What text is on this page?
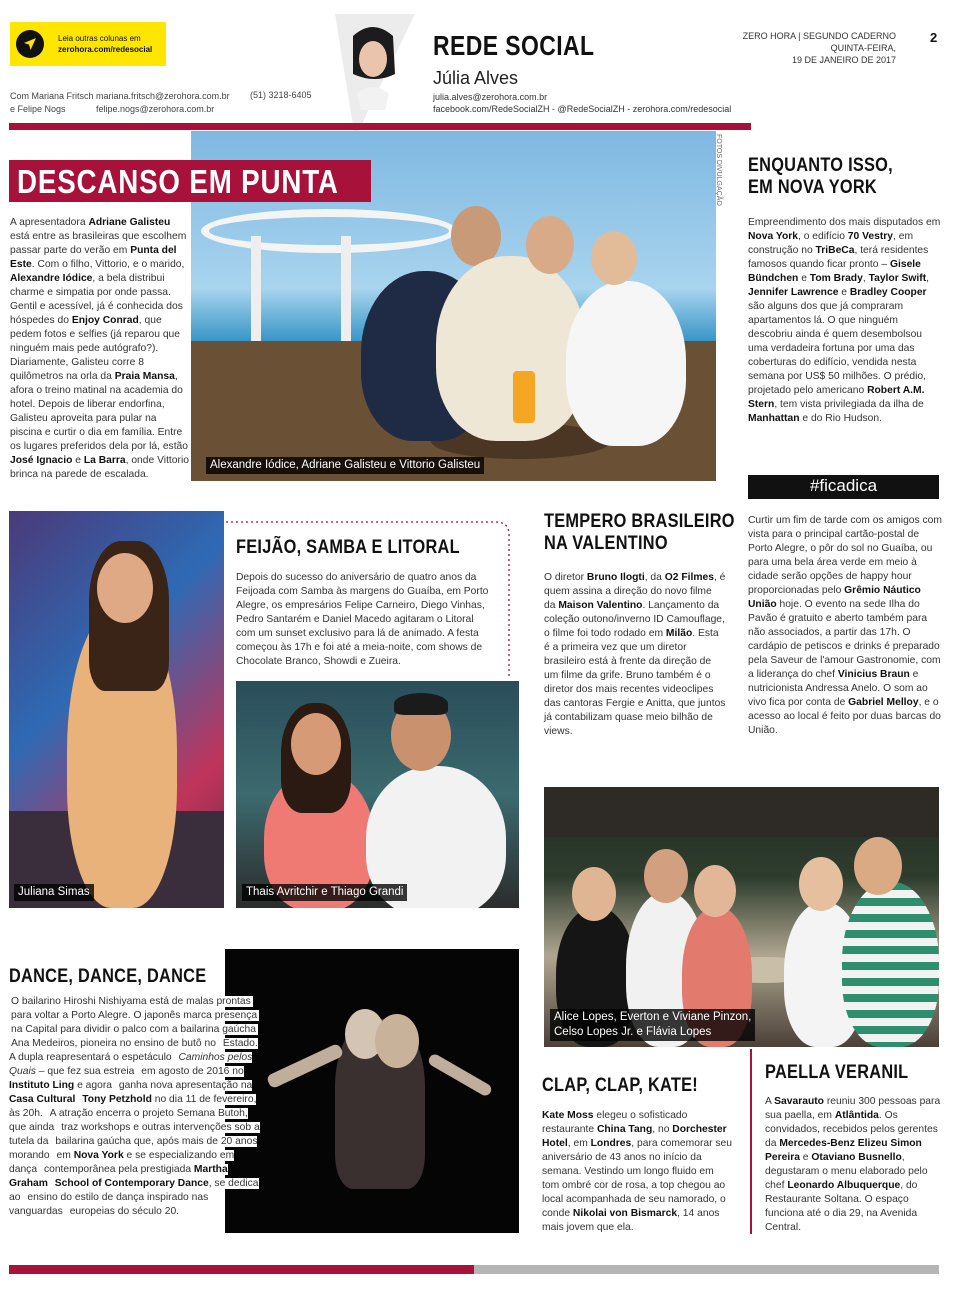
Leia outras colunas em
zerohora.com/redesocial
Com Mariana Fritsch
e Felipe Nogs
mariana.fritsch@zerohora.com.br
felipe.nogs@zerohora.com.br
(51) 3218-6405
REDE SOCIAL
Júlia Alves
julia.alves@zerohora.com.br
facebook.com/RedeSocialZH - @RedeSocialZH - zerohora.com/redesocial
ZERO HORA | SEGUNDO CADERNO
QUINTA-FEIRA,
19 DE JANEIRO DE 2017
2
FOTOS DIVULGAÇÃO
Alexandre Iódice, Adriane Galisteu e Vittorio Galisteu
DESCANSO EM PUNTA
A apresentadora Adriane Galisteu está entre as brasileiras que escolhem passar parte do verão em Punta del Este. Com o filho, Vittorio, e o marido, Alexandre Iódice, a bela distribui charme e simpatia por onde passa. Gentil e acessível, já é conhecida dos hóspedes do Enjoy Conrad, que pedem fotos e selfies (já reparou que ninguém mais pede autógrafo?). Diariamente, Galisteu corre 8 quilômetros na orla da Praia Mansa, afora o treino matinal na academia do hotel. Depois de liberar endorfina, Galisteu aproveita para pular na piscina e curtir o dia em família. Entre os lugares preferidos dela por lá, estão José Ignacio e La Barra, onde Vittorio brinca na parede de escalada.
ENQUANTO ISSO,
EM NOVA YORK
Empreendimento dos mais disputados em Nova York, o edifício 70 Vestry, em construção no TriBeCa, terá residentes famosos quando ficar pronto – Gisele Bündchen e Tom Brady, Taylor Swift, Jennifer Lawrence e Bradley Cooper são alguns dos que já compraram apartamentos lá. O que ninguém descobriu ainda é quem desembolsou uma verdadeira fortuna por uma das coberturas do edifício, vendida nesta semana por US$ 50 milhões. O prédio, projetado pelo americano Robert A.M. Stern, tem vista privilegiada da ilha de Manhattan e do Rio Hudson.
#ficadica
Curtir um fim de tarde com os amigos com vista para o principal cartão-postal de Porto Alegre, o pôr do sol no Guaíba, ou para uma bela área verde em meio à cidade serão opções de happy hour proporcionadas pelo Grêmio Náutico União hoje. O evento na sede Ilha do Pavão é gratuito e aberto também para não associados, a partir das 17h. O cardápio de petiscos e drinks é preparado pela Saveur de l'amour Gastronomie, com a liderança do chef Vinicius Braun e nutricionista Andressa Anelo. O som ao vivo fica por conta de Gabriel Melloy, e o acesso ao local é feito por duas barcas do União.
Juliana Simas
FEIJÃO, SAMBA E LITORAL
Depois do sucesso do aniversário de quatro anos da Feijoada com Samba às margens do Guaíba, em Porto Alegre, os empresários Felipe Carneiro, Diego Vinhas, Pedro Santarém e Daniel Macedo agitaram o Litoral com um sunset exclusivo para lá de animado. A festa começou às 17h e foi até a meia-noite, com shows de Chocolate Branco, Showdi e Zueira.
Thais Avritchir e Thiago Grandi
TEMPERO BRASILEIRO
NA VALENTINO
O diretor Bruno Ilogti, da O2 Filmes, é quem assina a direção do novo filme da Maison Valentino. Lançamento da coleção outono/inverno ID Camouflage, o filme foi todo rodado em Milão. Esta é a primeira vez que um diretor brasileiro está à frente da direção de um filme da grife. Bruno também é o diretor dos mais recentes videoclipes das cantoras Fergie e Anitta, que juntos já contabilizam quase meio bilhão de views.
Alice Lopes, Everton e Viviane Pinzon,
Celso Lopes Jr. e Flávia Lopes
DANCE, DANCE, DANCE
O bailarino Hiroshi Nishiyama está de malas prontas para voltar a Porto Alegre. O japonês marca presença na Capital para dividir o palco com a bailarina gaúcha Ana Medeiros, pioneira no ensino de butô no Estado. A dupla reapresentará o espetáculo Caminhos pelos Quais – que fez sua estreia em agosto de 2016 no Instituto Ling e agora ganha nova apresentação na Casa Cultural Tony Petzhold no dia 11 de fevereiro, às 20h. A atração encerra o projeto Semana Butoh, que ainda traz workshops e outras intervenções sob a tutela da bailarina gaúcha que, após mais de 20 anos morando em Nova York e se especializando em dança contemporânea pela prestigiada Martha Graham School of Contemporary Dance, se dedica ao ensino do estilo de dança inspirado nas vanguardas europeias do século 20.
CLAP, CLAP, KATE!
Kate Moss elegeu o sofisticado restaurante China Tang, no Dorchester Hotel, em Londres, para comemorar seu aniversário de 43 anos no início da semana. Vestindo um longo fluido em tom ombré cor de rosa, a top chegou ao local acompanhada de seu namorado, o conde Nikolai von Bismarck, 14 anos mais jovem que ela.
PAELLA VERANIL
A Savarauto reuniu 300 pessoas para sua paella, em Atlântida. Os convidados, recebidos pelos gerentes da Mercedes-Benz Elizeu Simon Pereira e Otaviano Busnello, degustaram o menu elaborado pelo chef Leonardo Albuquerque, do Restaurante Soltana. O espaço funciona até o dia 29, na Avenida Central.
